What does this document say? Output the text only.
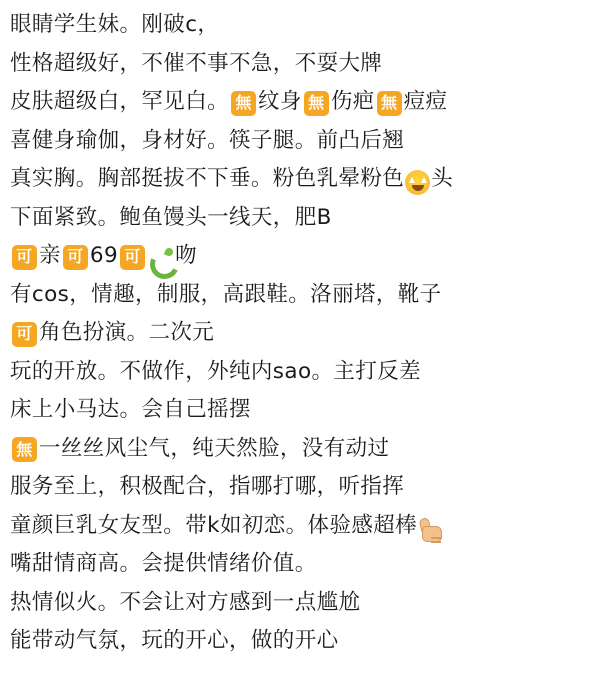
眼睛学生妹。刚破c，
性格超级好，不催不事不急，不耍大牌
皮肤超级白，罕见白。 無 纹身 無 伤疤 無 痘痘
喜健身瑜伽，身材好。筷子腿。前凸后翘
真实胸。胸部挺拔不下垂。粉色乳晕粉色 头
下面紧致。鲍鱼馒头一线天，肥B
可 亲 可 69 可 吻
有cos，情趣，制服，高跟鞋。洛丽塔，靴子
可 角色扮演。二次元
玩的开放。不做作，外纯内sao。主打反差
床上小马达。会自己摇摆
無 一丝丝风尘气，纯天然脸，没有动过
服务至上，积极配合，指哪打哪，听指挥
童颜巨乳女友型。带k如初恋。体验感超棒
嘴甜情商高。会提供情绪价值。
热情似火。不会让对方感到一点尴尬
能带动气氛，玩的开心，做的开心
